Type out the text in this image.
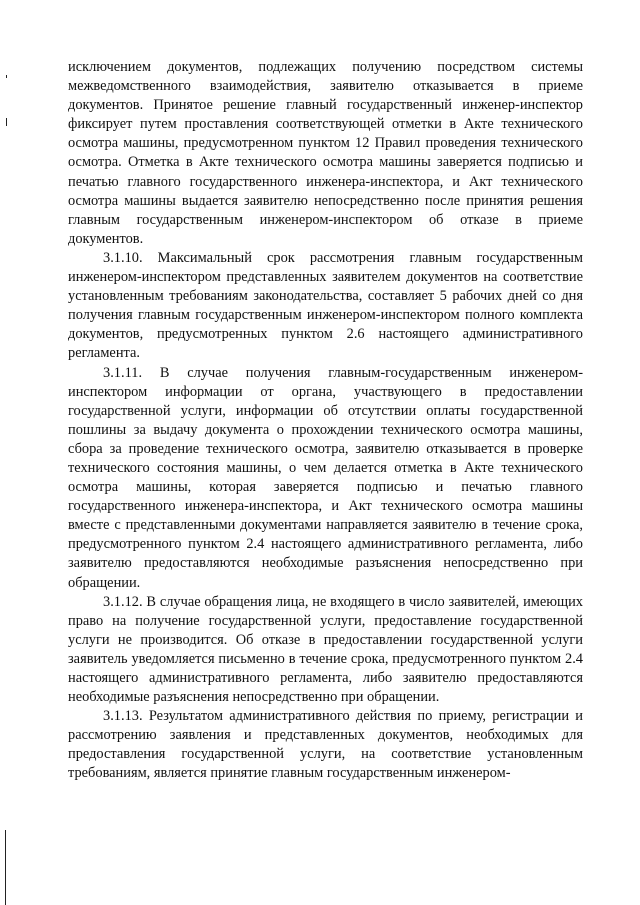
исключением документов, подлежащих получению посредством системы межведомственного взаимодействия, заявителю отказывается в приеме документов. Принятое решение главный государственный инженер-инспектор фиксирует путем проставления соответствующей отметки в Акте технического осмотра машины, предусмотренном пунктом 12 Правил проведения технического осмотра. Отметка в Акте технического осмотра машины заверяется подписью и печатью главного государственного инженера-инспектора, и Акт технического осмотра машины выдается заявителю непосредственно после принятия решения главным государственным инженером-инспектором об отказе в приеме документов.

3.1.10. Максимальный срок рассмотрения главным государственным инженером-инспектором представленных заявителем документов на соответствие установленным требованиям законодательства, составляет 5 рабочих дней со дня получения главным государственным инженером-инспектором полного комплекта документов, предусмотренных пунктом 2.6 настоящего административного регламента.

3.1.11. В случае получения главным-государственным инженером-инспектором информации от органа, участвующего в предоставлении государственной услуги, информации об отсутствии оплаты государственной пошлины за выдачу документа о прохождении технического осмотра машины, сбора за проведение технического осмотра, заявителю отказывается в проверке технического состояния машины, о чем делается отметка в Акте технического осмотра машины, которая заверяется подписью и печатью главного государственного инженера-инспектора, и Акт технического осмотра машины вместе с представленными документами направляется заявителю в течение срока, предусмотренного пунктом 2.4 настоящего административного регламента, либо заявителю предоставляются необходимые разъяснения непосредственно при обращении.

3.1.12. В случае обращения лица, не входящего в число заявителей, имеющих право на получение государственной услуги, предоставление государственной услуги не производится. Об отказе в предоставлении государственной услуги заявитель уведомляется письменно в течение срока, предусмотренного пунктом 2.4 настоящего административного регламента, либо заявителю предоставляются необходимые разъяснения непосредственно при обращении.

3.1.13. Результатом административного действия по приему, регистрации и рассмотрению заявления и представленных документов, необходимых для предоставления государственной услуги, на соответствие установленным требованиям, является принятие главным государственным инженером-
